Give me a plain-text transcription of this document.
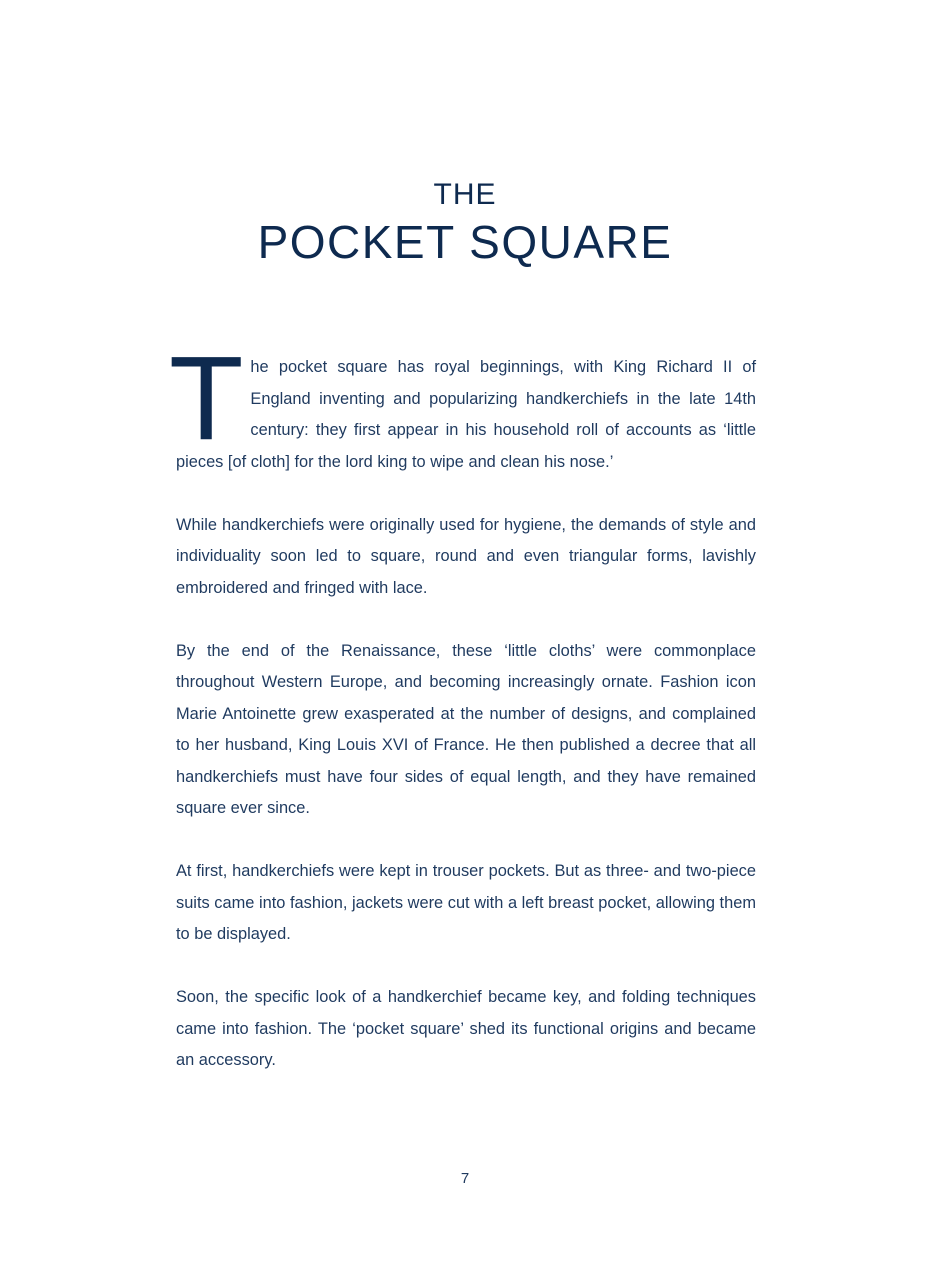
THE
POCKET SQUARE

The pocket square has royal beginnings, with King Richard II of England inventing and popularizing handkerchiefs in the late 14th century: they first appear in his household roll of accounts as ‘little pieces [of cloth] for the lord king to wipe and clean his nose.’

While handkerchiefs were originally used for hygiene, the demands of style and individuality soon led to square, round and even triangular forms, lavishly embroidered and fringed with lace.

By the end of the Renaissance, these ‘little cloths’ were commonplace throughout Western Europe, and becoming increasingly ornate. Fashion icon Marie Antoinette grew exasperated at the number of designs, and complained to her husband, King Louis XVI of France. He then published a decree that all handkerchiefs must have four sides of equal length, and they have remained square ever since.

At first, handkerchiefs were kept in trouser pockets. But as three- and two-piece suits came into fashion, jackets were cut with a left breast pocket, allowing them to be displayed.

Soon, the specific look of a handkerchief became key, and folding techniques came into fashion. The ‘pocket square’ shed its functional origins and became an accessory.

7
